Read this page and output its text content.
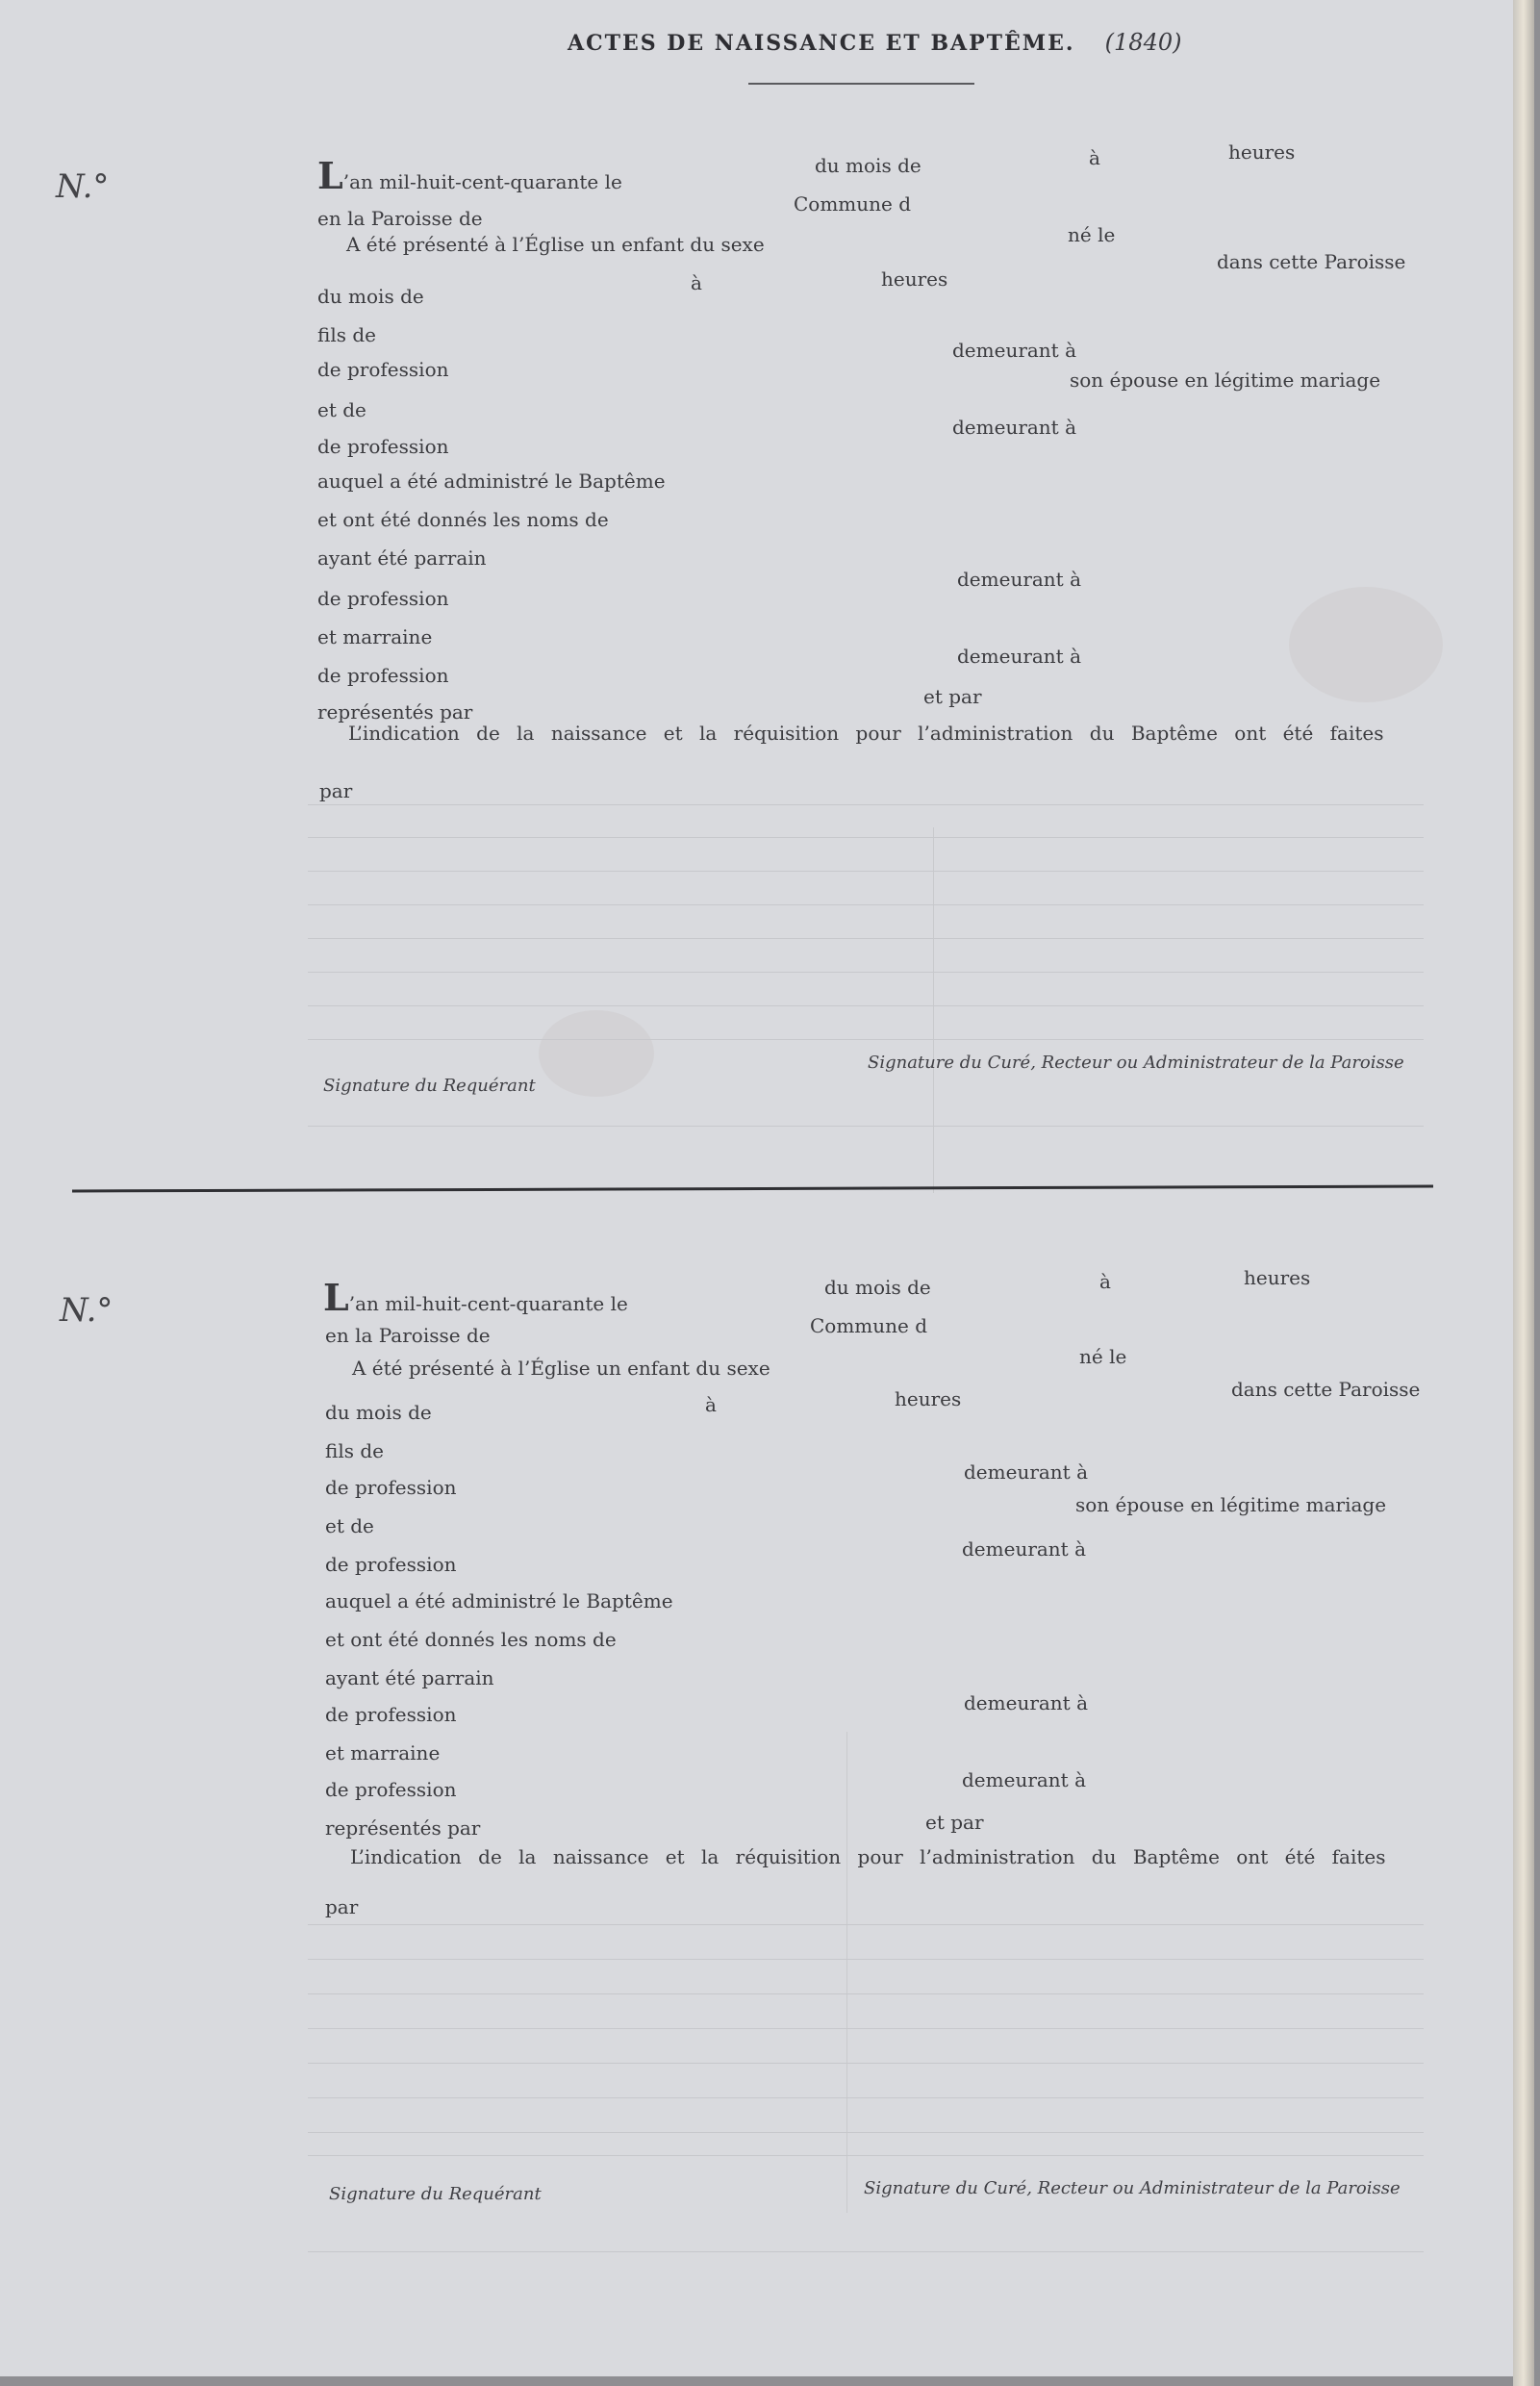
ACTES DE NAISSANCE ET BAPTÊME. (1840)
N.°	L’an mil-huit-cent-quarante le
du mois de	à	heures
en la Paroisse de
Commune d
A été présenté à l’Église un enfant du sexe	né le
du mois de
à	heures
dans cette Paroisse
fils de
de profession
demeurant à
son épouse en légitime mariage
et de
de profession
demeurant à
auquel a été administré le Baptême
et ont été donnés les noms de
ayant été parrain
de profession
demeurant à
et marraine
de profession
demeurant à
représentés par
et par
L’indication de la naissance et la réquisition pour l’administration du Baptême ont été faites
par
Signature du Requérant
Signature du Curé, Recteur ou Administrateur de la Paroisse
N.°	L’an mil-huit-cent-quarante le
du mois de	à	heures
en la Paroisse de	Commune d
A été présenté à l’Église un enfant du sexe	né le
du mois de	à	heures	dans cette Paroisse
fils de
de profession
demeurant à
son épouse en légitime mariage
et de
de profession
demeurant à
auquel a été administré le Baptême
et ont été donnés les noms de
ayant été parrain
de profession	demeurant à
et marraine
de profession	demeurant à
représentés par	et par
L’indication de la naissance et la réquisition pour l’administration du Baptême ont été faites
par
Signature du Requérant	Signature du Curé, Recteur ou Administrateur de la Paroisse
